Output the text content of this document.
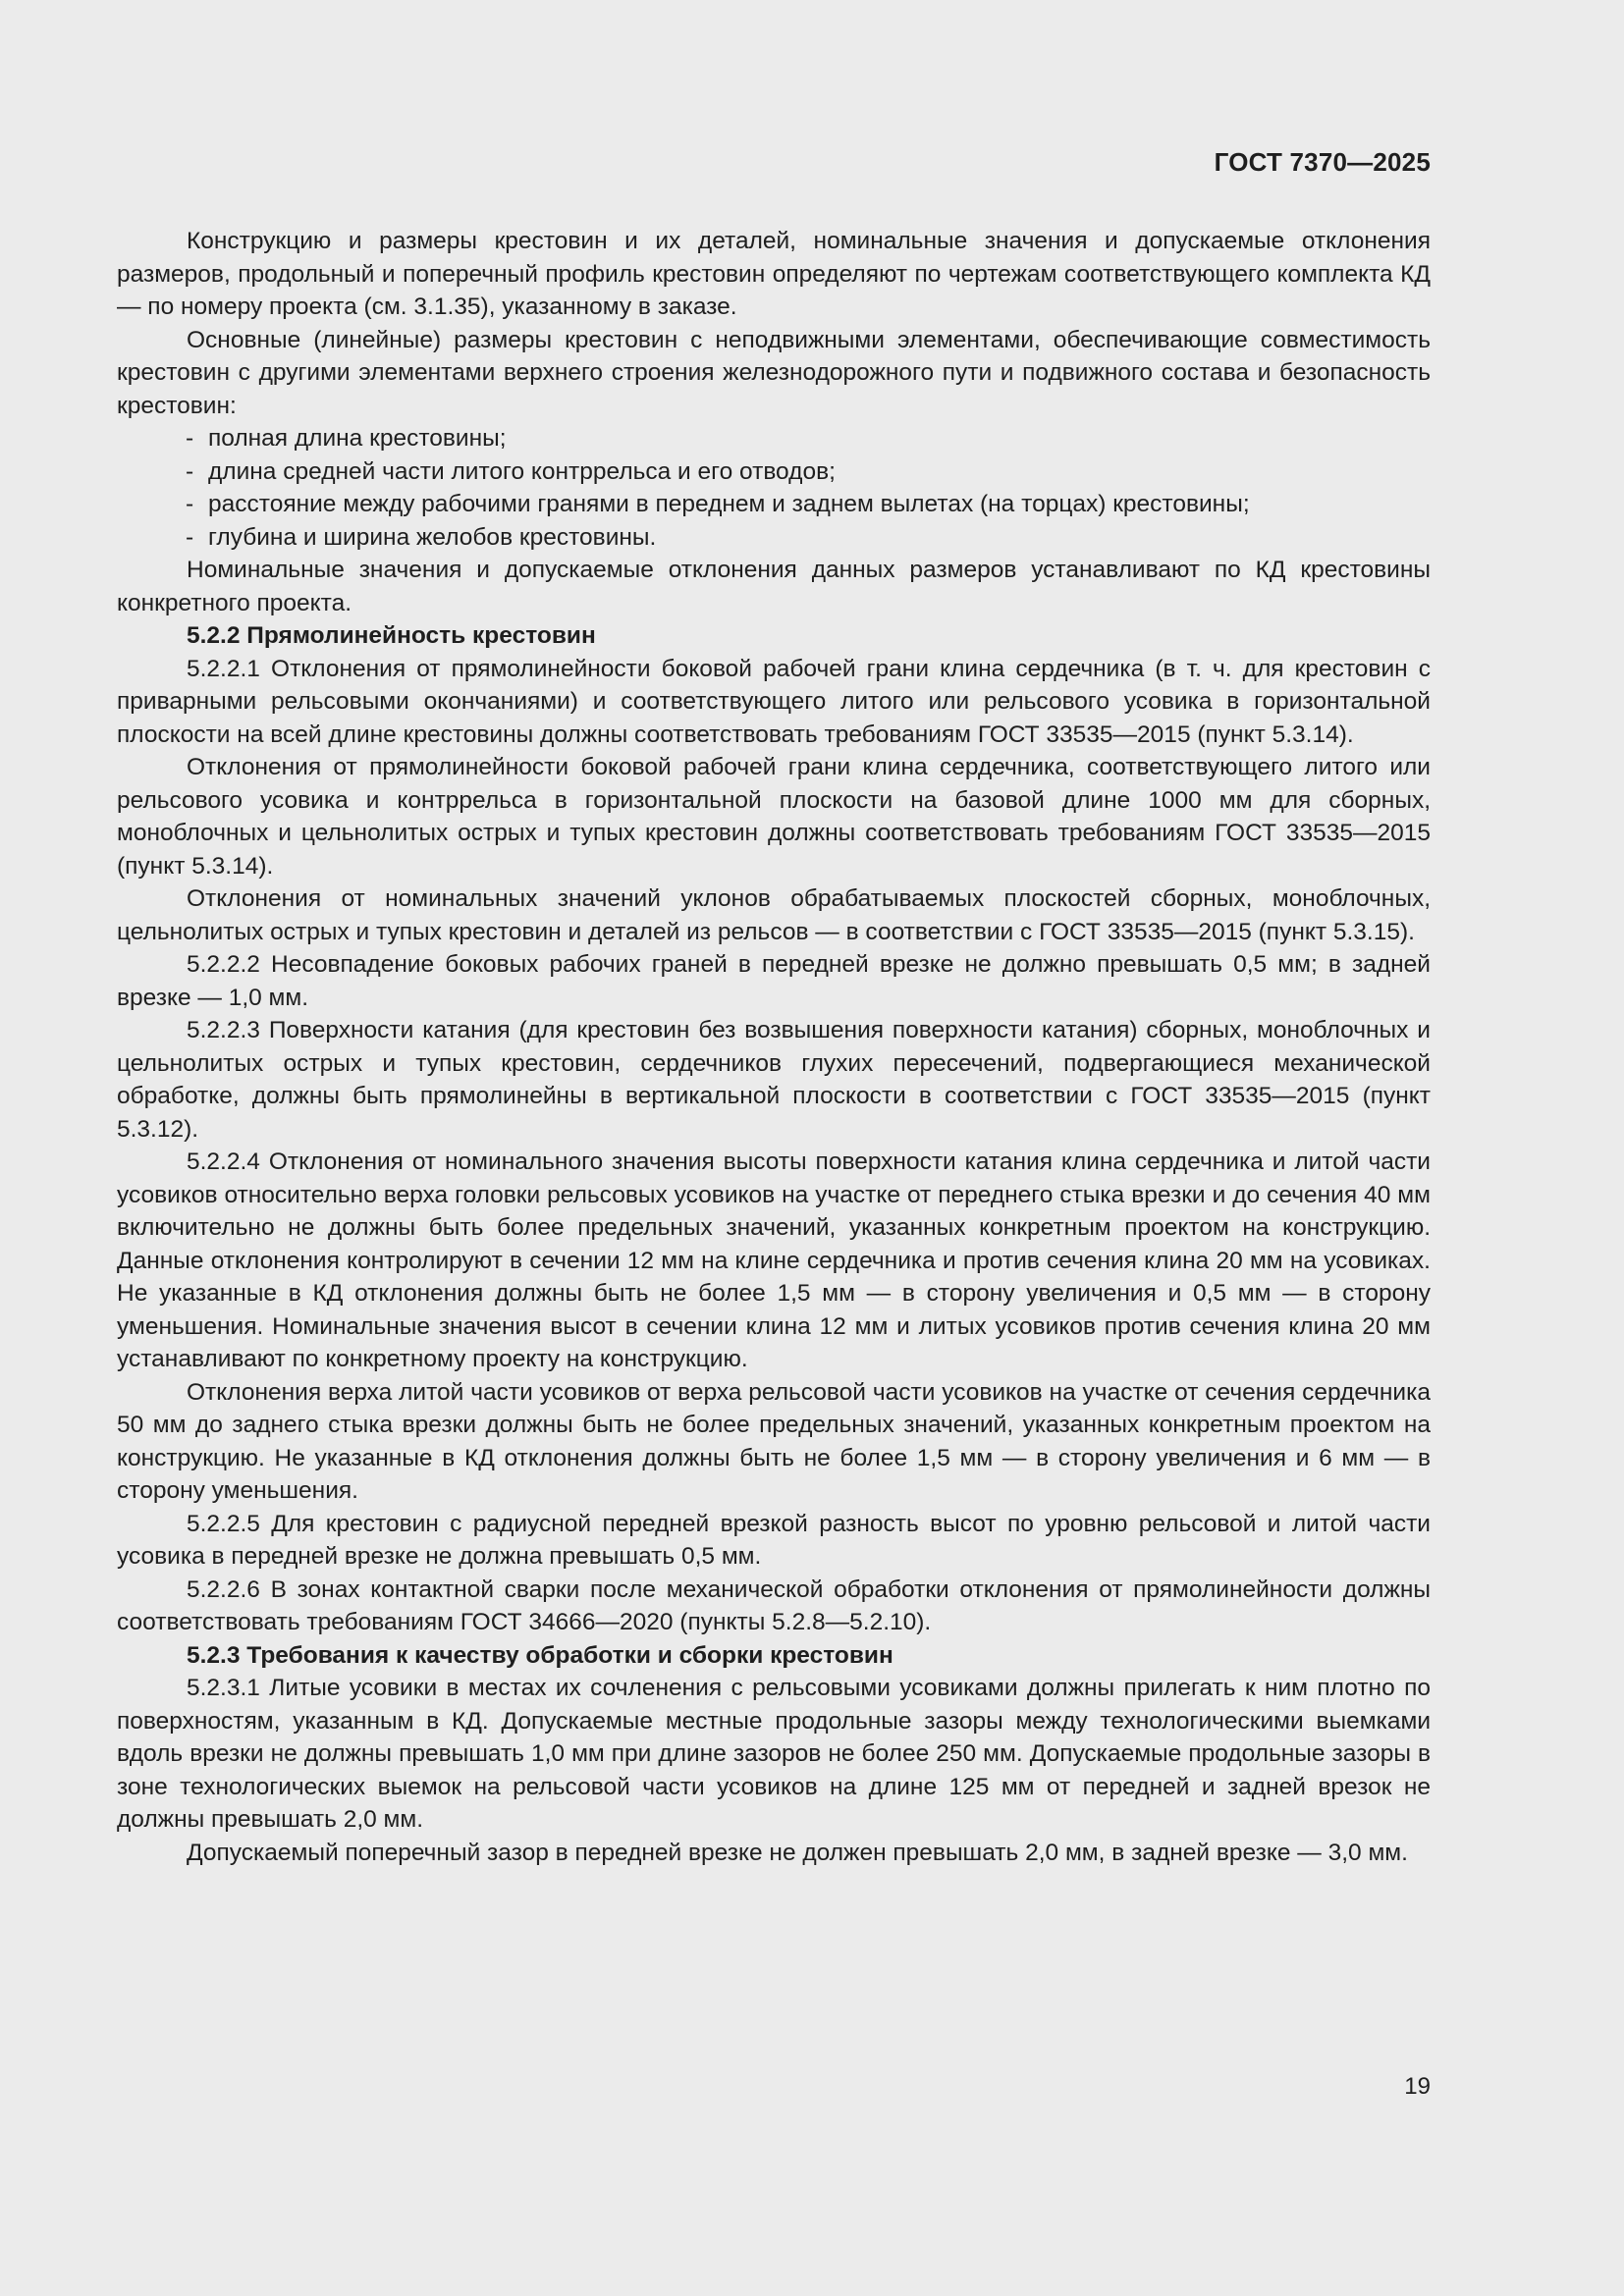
ГОСТ 7370—2025

Конструкцию и размеры крестовин и их деталей, номинальные значения и допускаемые отклонения размеров, продольный и поперечный профиль крестовин определяют по чертежам соответствующего комплекта КД — по номеру проекта (см. 3.1.35), указанному в заказе.

Основные (линейные) размеры крестовин с неподвижными элементами, обеспечивающие совместимость крестовин с другими элементами верхнего строения железнодорожного пути и подвижного состава и безопасность крестовин:

- полная длина крестовины;

- длина средней части литого контррельса и его отводов;

- расстояние между рабочими гранями в переднем и заднем вылетах (на торцах) крестовины;

- глубина и ширина желобов крестовины.

Номинальные значения и допускаемые отклонения данных размеров устанавливают по КД крестовины конкретного проекта.

5.2.2 Прямолинейность крестовин

5.2.2.1 Отклонения от прямолинейности боковой рабочей грани клина сердечника (в т. ч. для крестовин с приварными рельсовыми окончаниями) и соответствующего литого или рельсового усовика в горизонтальной плоскости на всей длине крестовины должны соответствовать требованиям ГОСТ 33535—2015 (пункт 5.3.14).

Отклонения от прямолинейности боковой рабочей грани клина сердечника, соответствующего литого или рельсового усовика и контррельса в горизонтальной плоскости на базовой длине 1000 мм для сборных, моноблочных и цельнолитых острых и тупых крестовин должны соответствовать требованиям ГОСТ 33535—2015 (пункт 5.3.14).

Отклонения от номинальных значений уклонов обрабатываемых плоскостей сборных, моноблочных, цельнолитых острых и тупых крестовин и деталей из рельсов — в соответствии с ГОСТ 33535—2015 (пункт 5.3.15).

5.2.2.2 Несовпадение боковых рабочих граней в передней врезке не должно превышать 0,5 мм; в задней врезке — 1,0 мм.

5.2.2.3 Поверхности катания (для крестовин без возвышения поверхности катания) сборных, моноблочных и цельнолитых острых и тупых крестовин, сердечников глухих пересечений, подвергающиеся механической обработке, должны быть прямолинейны в вертикальной плоскости в соответствии с ГОСТ 33535—2015 (пункт 5.3.12).

5.2.2.4 Отклонения от номинального значения высоты поверхности катания клина сердечника и литой части усовиков относительно верха головки рельсовых усовиков на участке от переднего стыка врезки и до сечения 40 мм включительно не должны быть более предельных значений, указанных конкретным проектом на конструкцию. Данные отклонения контролируют в сечении 12 мм на клине сердечника и против сечения клина 20 мм на усовиках. Не указанные в КД отклонения должны быть не более 1,5 мм — в сторону увеличения и 0,5 мм — в сторону уменьшения. Номинальные значения высот в сечении клина 12 мм и литых усовиков против сечения клина 20 мм устанавливают по конкретному проекту на конструкцию.

Отклонения верха литой части усовиков от верха рельсовой части усовиков на участке от сечения сердечника 50 мм до заднего стыка врезки должны быть не более предельных значений, указанных конкретным проектом на конструкцию. Не указанные в КД отклонения должны быть не более 1,5 мм — в сторону увеличения и 6 мм — в сторону уменьшения.

5.2.2.5 Для крестовин с радиусной передней врезкой разность высот по уровню рельсовой и литой части усовика в передней врезке не должна превышать 0,5 мм.

5.2.2.6 В зонах контактной сварки после механической обработки отклонения от прямолинейности должны соответствовать требованиям ГОСТ 34666—2020 (пункты 5.2.8—5.2.10).

5.2.3 Требования к качеству обработки и сборки крестовин

5.2.3.1 Литые усовики в местах их сочленения с рельсовыми усовиками должны прилегать к ним плотно по поверхностям, указанным в КД. Допускаемые местные продольные зазоры между технологическими выемками вдоль врезки не должны превышать 1,0 мм при длине зазоров не более 250 мм. Допускаемые продольные зазоры в зоне технологических выемок на рельсовой части усовиков на длине 125 мм от передней и задней врезок не должны превышать 2,0 мм.

Допускаемый поперечный зазор в передней врезке не должен превышать 2,0 мм, в задней врезке — 3,0 мм.

19
